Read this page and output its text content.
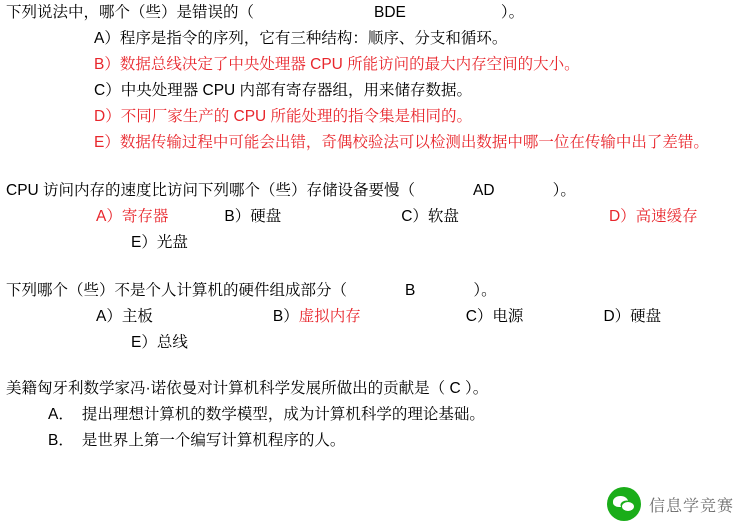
下列说法中，哪个（些）是错误的（	BDE	）。
A）程序是指令的序列，它有三种结构：顺序、分支和循环。
B）数据总线决定了中央处理器 CPU 所能访问的最大内存空间的大小。
C）中央处理器 CPU 内部有寄存器组，用来储存数据。
D）不同厂家生产的 CPU 所能处理的指令集是相同的。
E）数据传输过程中可能会出错，奇偶校验法可以检测出数据中哪一位在传输中出了差错。
CPU 访问内存的速度比访问下列哪个（些）存储设备要慢（	AD	）。
A）寄存器	B）硬盘	C）软盘	D）高速缓存
E）光盘
下列哪个（些）不是个人计算机的硬件组成部分（	B	）。
A）主板	B）虚拟内存	C）电源	D）硬盘
E）总线
美籍匈牙利数学家冯·诺依曼对计算机科学发展所做出的贡献是（ C ）。
A． 提出理想计算机的数学模型，成为计算机科学的理论基础。
B． 是世界上第一个编写计算机程序的人。
信息学竞赛
